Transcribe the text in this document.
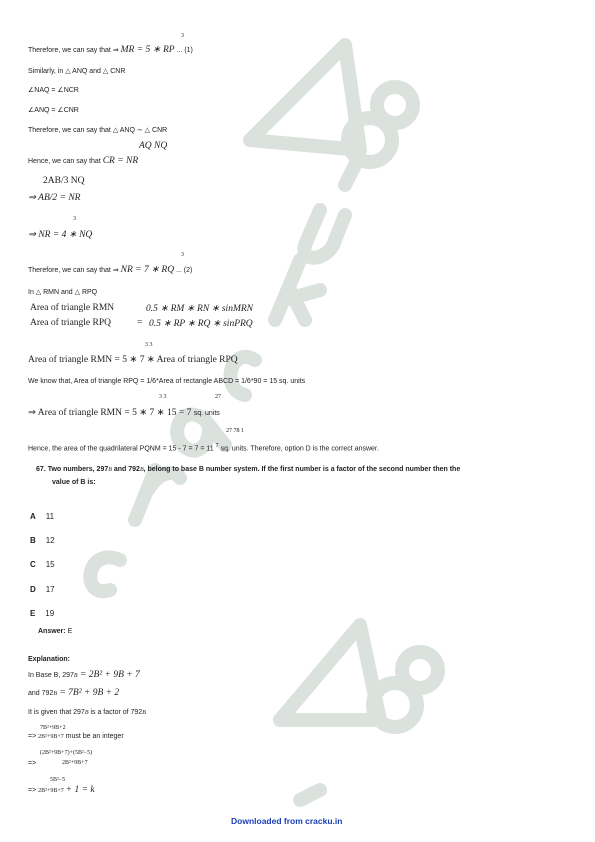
3
Therefore, we can say that ⇒ MR = 5 ∗ RP ... (1)
Similarly, in △ ANQ and △ CNR
∠NAQ = ∠NCR
∠ANQ = ∠CNR
Therefore, we can say that △ ANQ ∼ △ CNR
AQ NQ
Hence, we can say that CR = NR
2AB/3 NQ
⇒ AB/2 = NR
3
⇒ NR = 4 ∗ NQ
3
Therefore, we can say that ⇒ NR = 7 ∗ RQ ... (2)
In △ RMN and △ RPQ
Area of triangle RMN	0.5 ∗ RM ∗ RN ∗ sinMRN
Area of triangle RPQ	= 0.5 ∗ RP ∗ RQ ∗ sinPRQ
3 3
Area of triangle RMN = 5 ∗ 7 ∗ Area of triangle RPQ
We know that, Area of triangle RPQ = 1/6*Area of rectangle ABCD = 1/6*90 = 15 sq. units
3 3	27
⇒ Area of triangle RMN = 5 ∗ 7 ∗ 15 = 7 sq. units
27 78 1
Hence, the area of the quadrilateral PQNM = 15 - 7 = 7 = 11 7 sq. units. Therefore, option D is the correct answer.
67. Two numbers, 297B and 792B, belong to base B number system. If the first number is a factor of the second number then the
value of B is:
A 11
B 12
C 15
D 17
E 19
Answer: E
Explanation:
In Base B, 297B = 2B² + 9B + 7
and 792B = 7B² + 9B + 2
It is given that 297B is a factor of 792B
7B²+9B+2
=> 2B²+9B+7 must be an integer
(2B²+9B+7)+(5B²−5)
=>	2B²+9B+7
5B²−5
=> 2B²+9B+7 + 1 = k
Downloaded from cracku.in
